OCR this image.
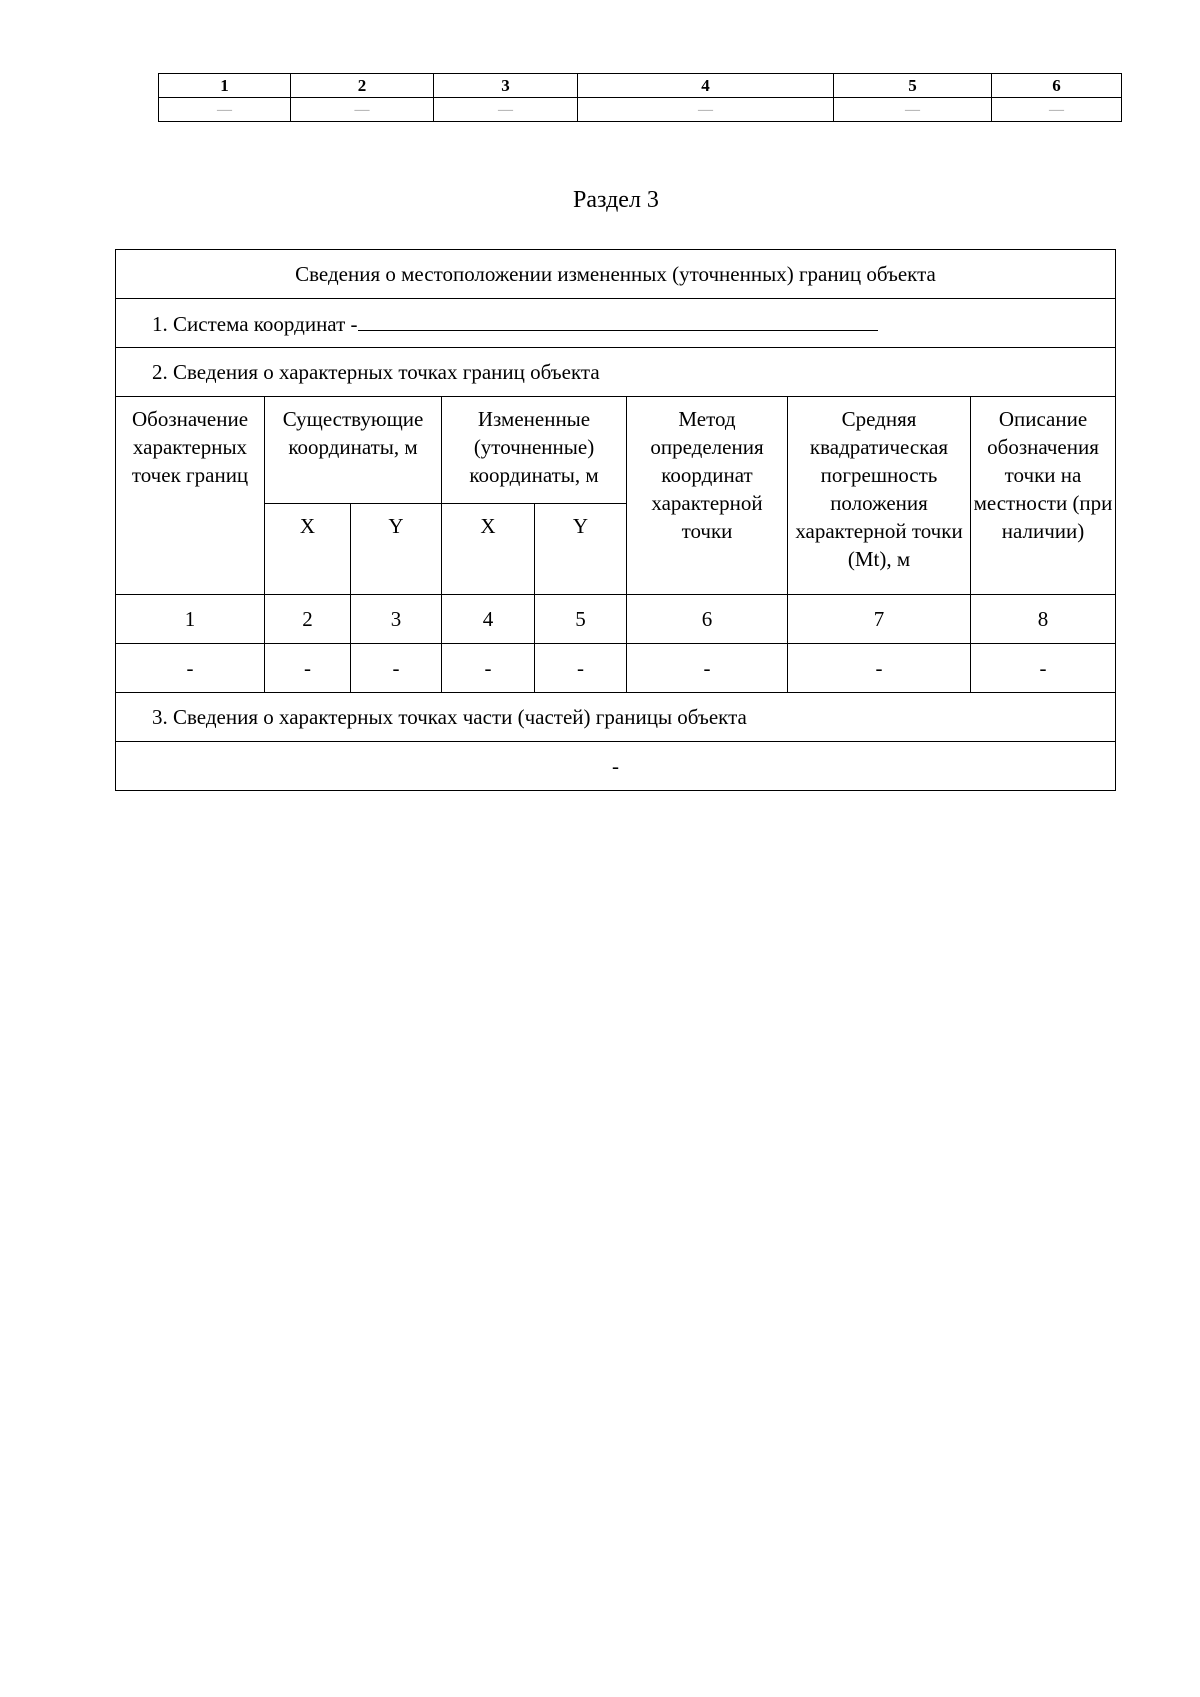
1	2	3	4	5	6
—	—	—	—	—	—
Раздел 3
Сведения о местоположении измененных (уточненных) границ объекта							
1. Система координат -							
2. Сведения о характерных точках границ объекта							
Обозначение характерных точек границ	Существующие координаты, м		Измененные (уточненные) координаты, м		Метод определения координат характерной точки	Средняя квадратическая погрешность положения характерной точки (Mt), м	Описание обозначения точки на местности (при наличии)
	X	Y	X	Y			
1	2	3	4	5	6	7	8
-	-	-	-	-	-	-	-
3. Сведения о характерных точках части (частей) границы объекта							
-							
